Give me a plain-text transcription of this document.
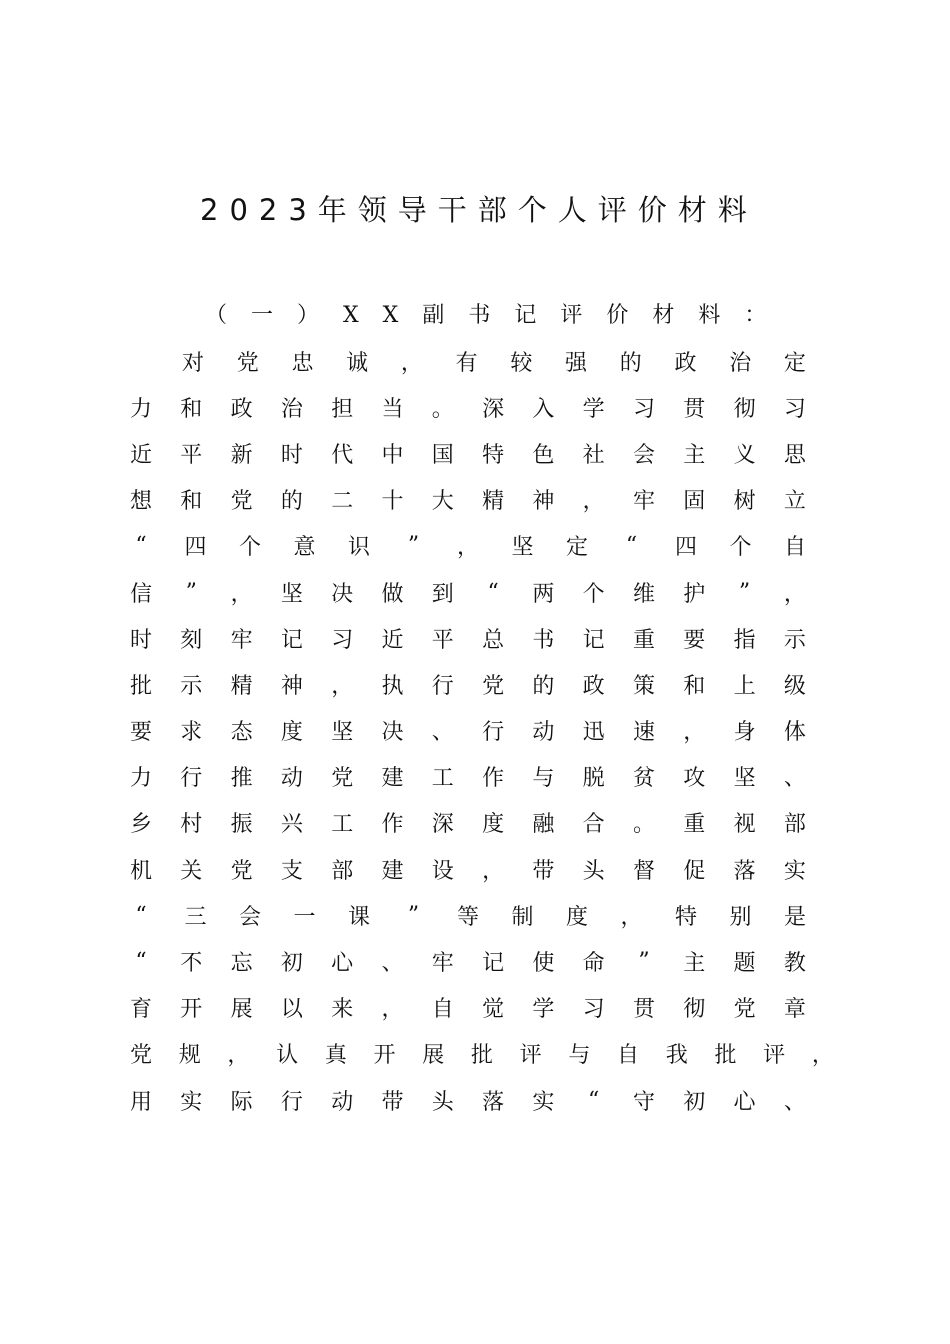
2023年领导干部个人评价材料
（一）XX副书记评价材料：
对 党 忠 诚 ， 有 较 强 的 政 治 定
力 和 政 治 担 当 。 深 入 学 习 贯 彻 习
近 平 新 时 代 中 国 特 色 社 会 主 义 思
想 和 党 的 二 十 大 精 神 ， 牢 固 树 立
“ 四 个 意 识 ” ， 坚 定 “ 四 个 自
信 ” ， 坚 决 做 到 “ 两 个 维 护 ” ，
时 刻 牢 记 习 近 平 总 书 记 重 要 指 示
批 示 精 神 ， 执 行 党 的 政 策 和 上 级
要 求 态 度 坚 决 、 行 动 迅 速 ， 身 体
力 行 推 动 党 建 工 作 与 脱 贫 攻 坚 、
乡 村 振 兴 工 作 深 度 融 合 。 重 视 部
机 关 党 支 部 建 设 ， 带 头 督 促 落 实
“ 三 会 一 课 ” 等 制 度 ， 特 别 是
“ 不 忘 初 心 、 牢 记 使 命 ” 主 题 教
育 开 展 以 来 ， 自 觉 学 习 贯 彻 党 章
党 规 ， 认 真 开 展 批 评 与 自 我 批 评 ，
用 实 际 行 动 带 头 落 实 “ 守 初 心 、
